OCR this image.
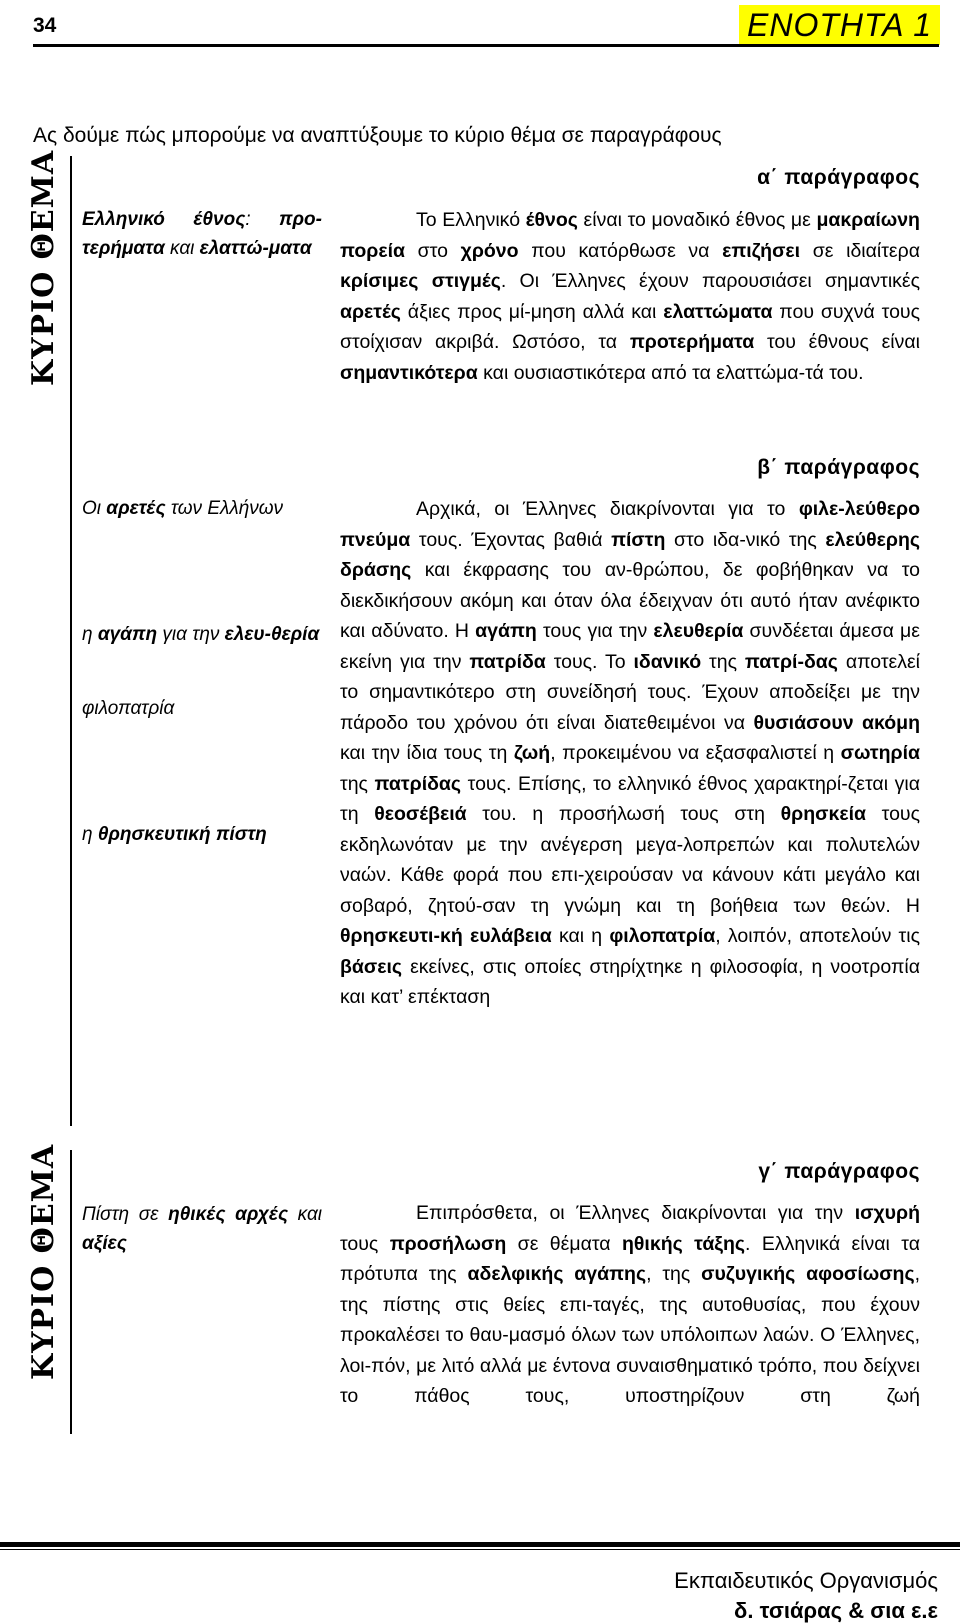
34	ΕΝΟΤΗΤΑ 1
Ας δούμε πώς μπορούμε να αναπτύξουμε το κύριο θέμα σε παραγράφους
ΚΥΡΙΟ ΘΕΜΑ
ΚΥΡΙΟ ΘΕΜΑ
Ελληνικό έθνος: προ-τερήματα και ελαττώ-ματα
Οι αρετές των Ελλήνων
η αγάπη για την ελευ-θερία
φιλοπατρία
η θρησκευτική πίστη
Πίστη σε ηθικές αρχές και αξίες
α΄ παράγραφος
Το Ελληνικό έθνος είναι το μοναδικό έθνος με μακραίωνη πορεία στο χρόνο που κατόρθωσε να επιζήσει σε ιδιαίτερα κρίσιμες στιγμές. Οι Έλληνες έχουν παρουσιάσει σημαντικές αρετές άξιες προς μί-μηση αλλά και ελαττώματα που συχνά τους στοίχισαν ακριβά. Ωστόσο, τα προτερήματα του έθνους είναι σημαντικότερα και ουσιαστικότερα από τα ελαττώμα-τά του.
β΄ παράγραφος
Αρχικά, οι Έλληνες διακρίνονται για το φιλε-λεύθερο πνεύμα τους. Έχοντας βαθιά πίστη στο ιδα-νικό της ελεύθερης δράσης και έκφρασης του αν-θρώπου, δε φοβήθηκαν να το διεκδικήσουν ακόμη και όταν όλα έδειχναν ότι αυτό ήταν ανέφικτο και αδύνατο. Η αγάπη τους για την ελευθερία συνδέεται άμεσα με εκείνη για την πατρίδα τους. Το ιδανικό της πατρί-δας αποτελεί το σημαντικότερο στη συνείδησή τους. Έχουν αποδείξει με την πάροδο του χρόνου ότι είναι διατεθειμένοι να θυσιάσουν ακόμη και την ίδια τους τη ζωή, προκειμένου να εξασφαλιστεί η σωτηρία της πατρίδας τους. Επίσης, το ελληνικό έθνος χαρακτηρί-ζεται για τη θεοσέβειά του. η προσήλωσή τους στη θρησκεία τους εκδηλωνόταν με την ανέγερση μεγα-λοπρεπών και πολυτελών ναών. Κάθε φορά που επι-χειρούσαν να κάνουν κάτι μεγάλο και σοβαρό, ζητού-σαν τη γνώμη και τη βοήθεια των θεών. Η θρησκευτι-κή ευλάβεια και η φιλοπατρία, λοιπόν, αποτελούν τις βάσεις εκείνες, στις οποίες στηρίχτηκε η φιλοσοφία, η νοοτροπία και κατ’ επέκταση
γ΄ παράγραφος
Επιπρόσθετα, οι Έλληνες διακρίνονται για την ισχυρή τους προσήλωση σε θέματα ηθικής τάξης. Ελληνικά είναι τα πρότυπα της αδελφικής αγάπης, της συζυγικής αφοσίωσης, της πίστης στις θείες επι-ταγές, της αυτοθυσίας, που έχουν προκαλέσει το θαυ-μασμό όλων των υπόλοιπων λαών. Ο Έλληνες, λοι-πόν, με λιτό αλλά με έντονα συναισθηματικό τρόπο, που δείχνει το πάθος τους, υποστηρίζουν στη ζωή
Εκπαιδευτικός Οργανισμός
δ. τσιάρας & σια ε.ε
